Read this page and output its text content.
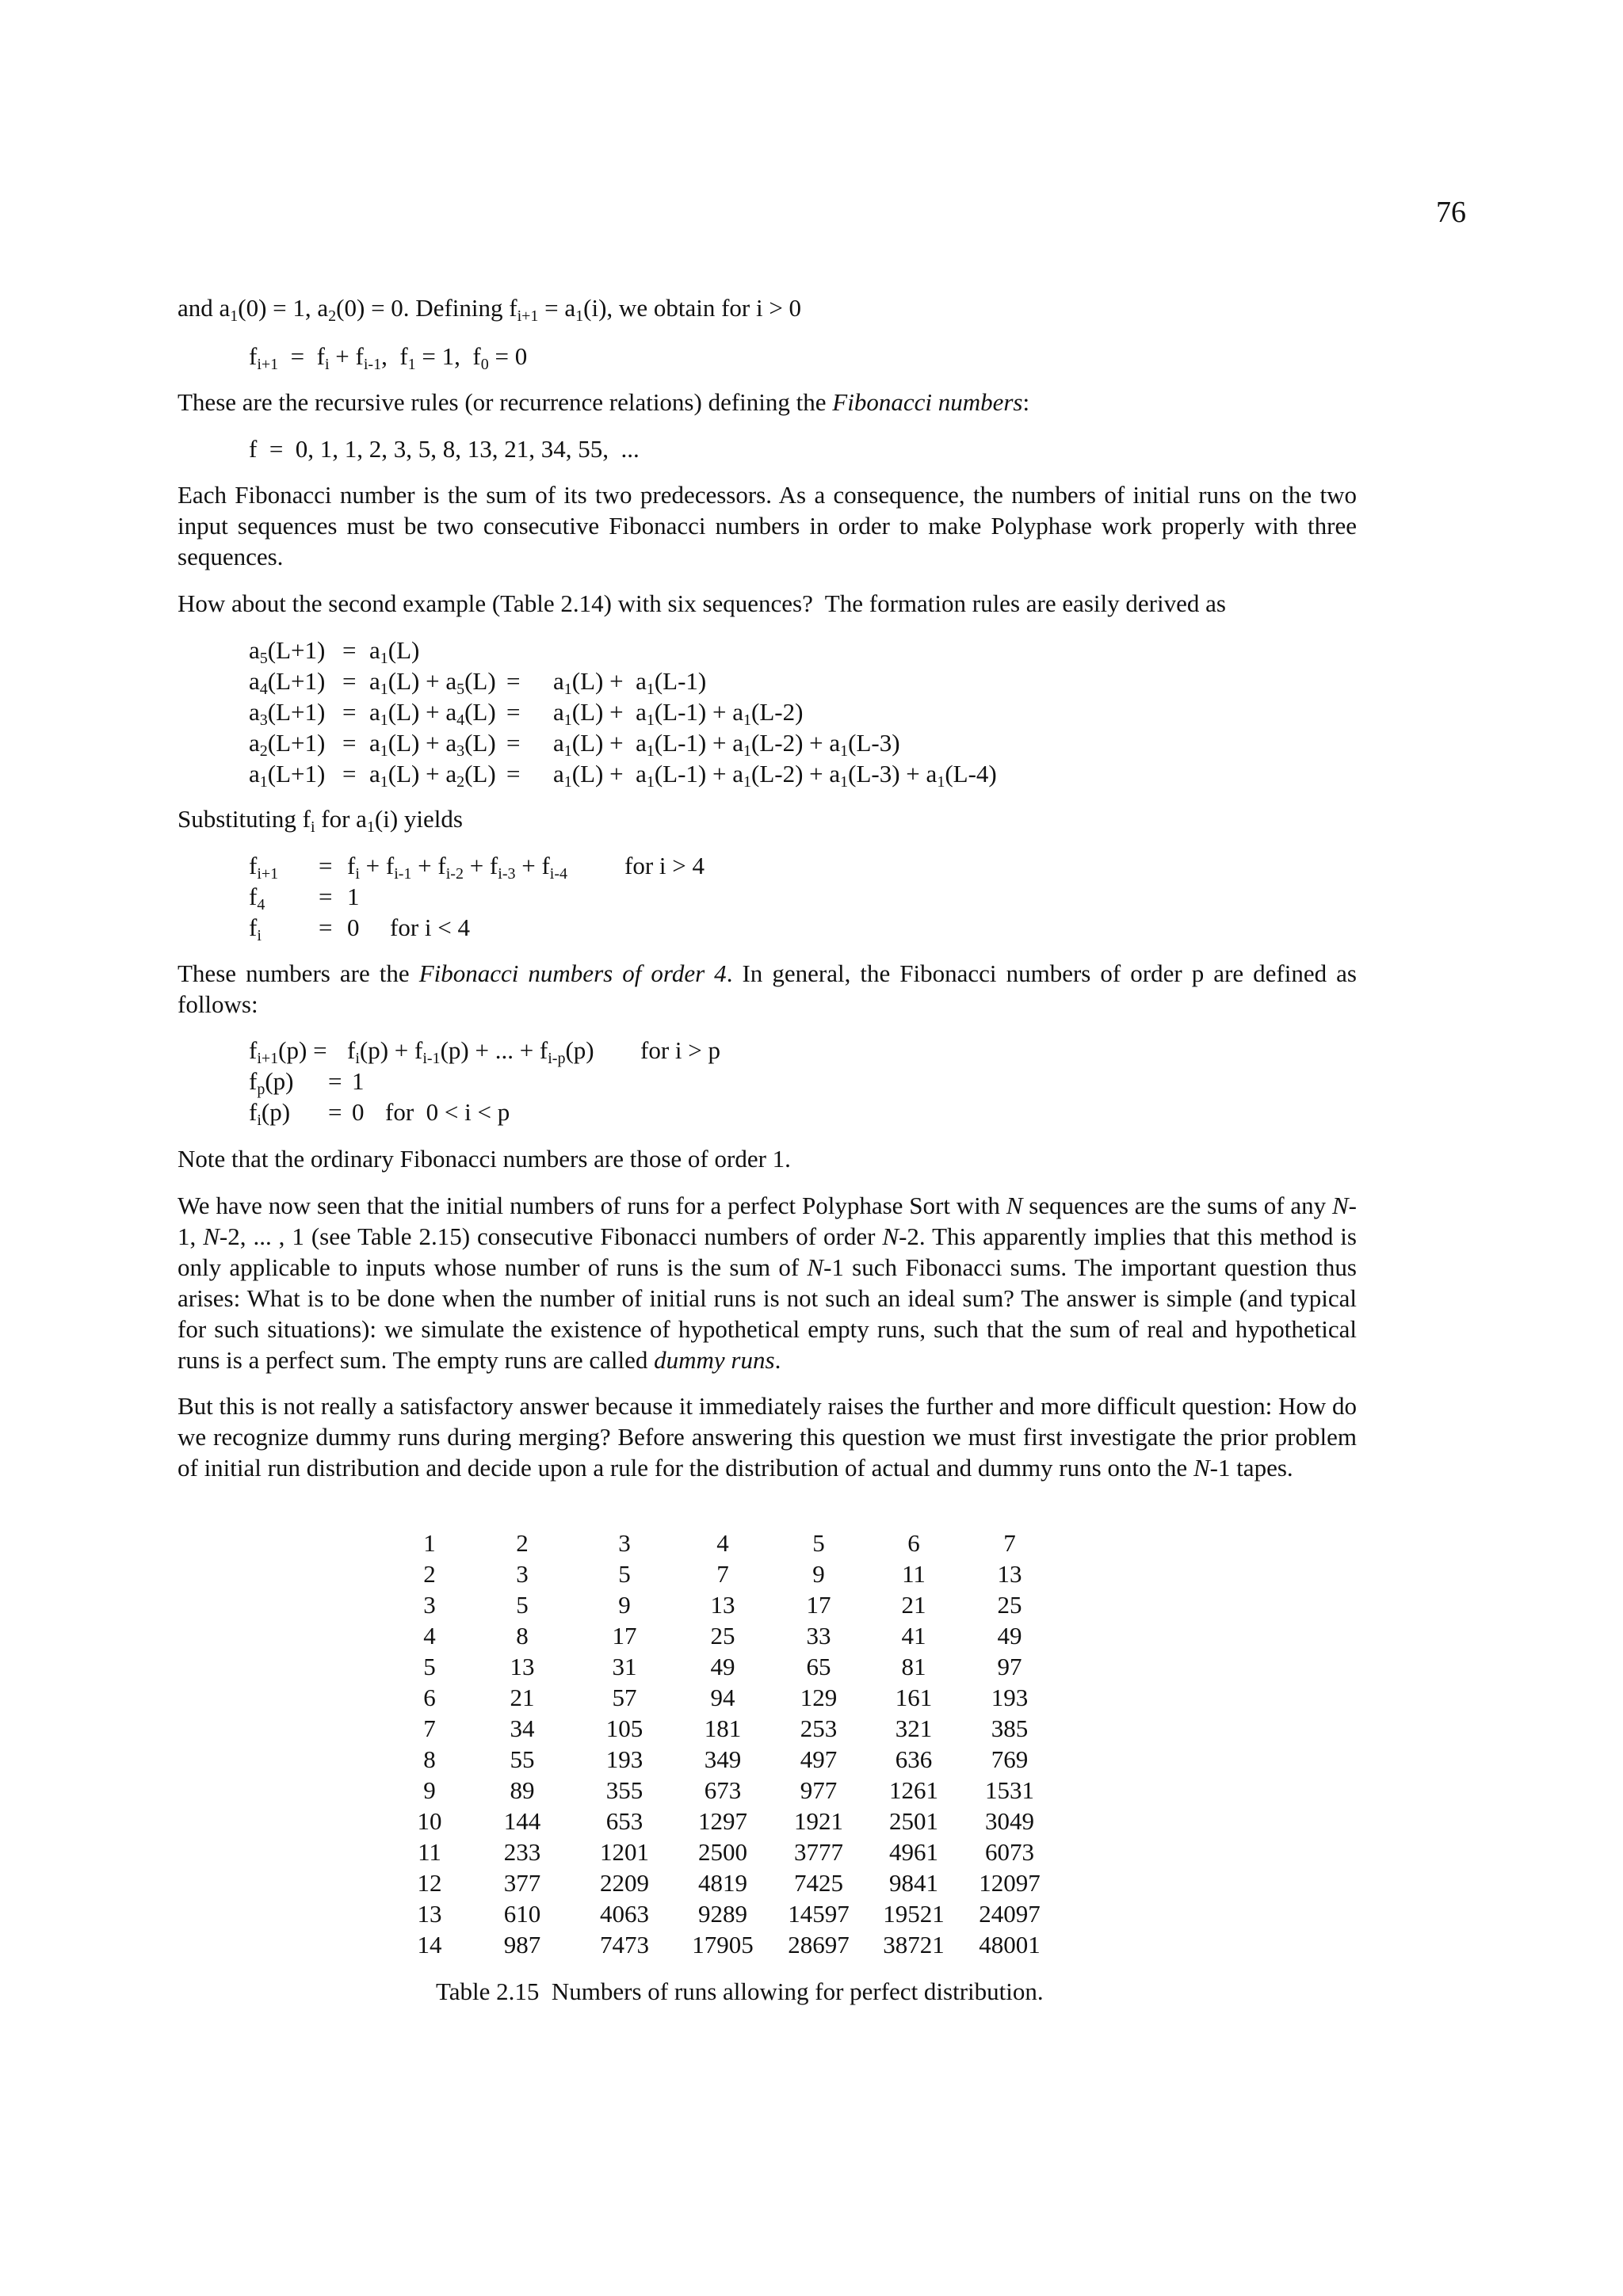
76
and $a_1(0) = 1$, $a_2(0) = 0$. Defining $f_{i+1} = a_1(i)$, we obtain for i > 0
$f_{i+1} = f_i + f_{i-1}$,  $f_1 = 1$,  $f_0 = 0$
These are the recursive rules (or recurrence relations) defining the Fibonacci numbers:
f  =  0, 1, 1, 2, 3, 5, 8, 13, 21, 34, 55,  ...

Each Fibonacci number is the sum of its two predecessors. As a consequence, the numbers of initial runs on the two input sequences must be two consecutive Fibonacci numbers in order to make Polyphase work properly with three sequences.

How about the second example (Table 2.14) with six sequences?  The formation rules are easily derived as
$a_5(L+1) = a_1(L)$
$a_4(L+1) = a_1(L) + a_5(L) = a_1(L) + a_1(L-1)$
$a_3(L+1) = a_1(L) + a_4(L) = a_1(L) + a_1(L-1) + a_1(L-2)$
$a_2(L+1) = a_1(L) + a_3(L) = a_1(L) + a_1(L-1) + a_1(L-2) + a_1(L-3)$
$a_1(L+1) = a_1(L) + a_2(L) = a_1(L) + a_1(L-1) + a_1(L-2) + a_1(L-3) + a_1(L-4)$
Substituting $f_i$ for $a_1(i)$ yields
$f_{i+1} = f_i + f_{i-1} + f_{i-2} + f_{i-3} + f_{i-4}$ for i > 4
$f_4 = 1$
$f_i = 0$ for i < 4

These numbers are the Fibonacci numbers of order 4. In general, the Fibonacci numbers of order p are defined as follows:

$f_{i+1}(p) = f_i(p) + f_{i-1}(p)$ + ... + $f_{i-p}(p)$ for i > p
$f_p(p) = 1$
$f_i(p) = 0$ for  0 < i < p
Note that the ordinary Fibonacci numbers are those of order 1.

We have now seen that the initial numbers of runs for a perfect Polyphase Sort with N sequences are the sums of any N-1, N-2, ... , 1 (see Table 2.15) consecutive Fibonacci numbers of order N-2. This apparently implies that this method is only applicable to inputs whose number of runs is the sum of N-1 such Fibonacci sums. The important question thus arises: What is to be done when the number of initial runs is not such an ideal sum? The answer is simple (and typical for such situations): we simulate the existence of hypothetical empty runs, such that the sum of real and hypothetical runs is a perfect sum. The empty runs are called dummy runs.

But this is not really a satisfactory answer because it immediately raises the further and more difficult question: How do we recognize dummy runs during merging? Before answering this question we must first investigate the prior problem of initial run distribution and decide upon a rule for the distribution of actual and dummy runs onto the N-1 tapes.

1	2	3	4	5	6	7
2	3	5	7	9	11	13
3	5	9	13	17	21	25
4	8	17	25	33	41	49
5	13	31	49	65	81	97
6	21	57	94	129	161	193
7	34	105	181	253	321	385
8	55	193	349	497	636	769
9	89	355	673	977	1261	1531
10	144	653	1297	1921	2501	3049
11	233	1201	2500	3777	4961	6073
12	377	2209	4819	7425	9841	12097
13	610	4063	9289	14597	19521	24097
14	987	7473	17905	28697	38721	48001
Table 2.15  Numbers of runs allowing for perfect distribution.
